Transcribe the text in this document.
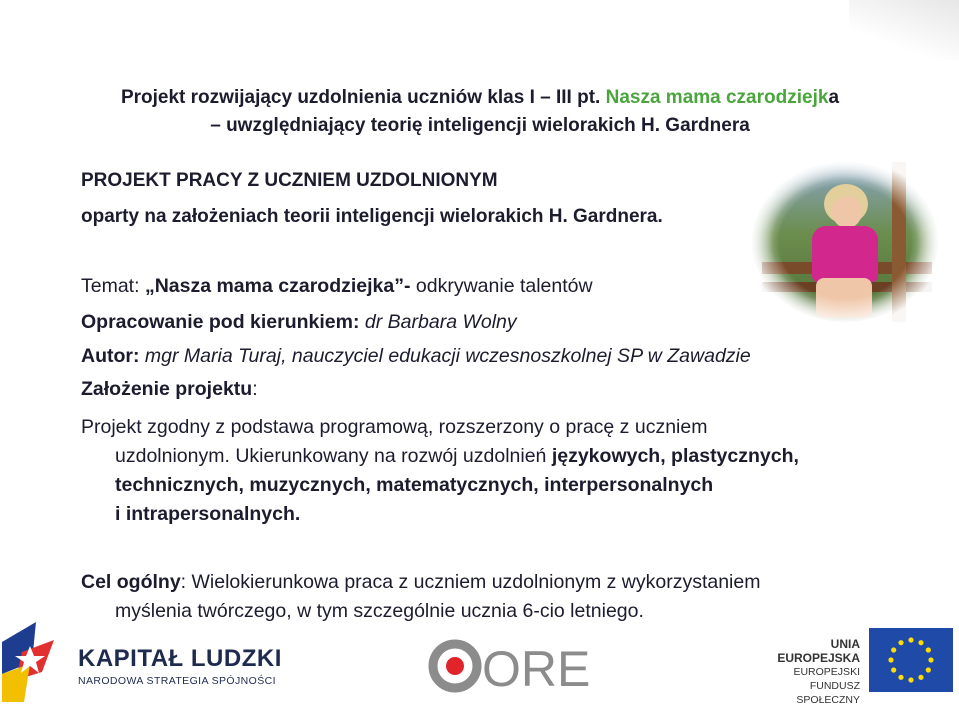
Projekt rozwijający uzdolnienia uczniów klas I – III pt. Nasza mama czarodziejka
– uwzględniający teorię inteligencji wielorakich H. Gardnera
PROJEKT PRACY Z UCZNIEM UZDOLNIONYM
oparty na założeniach teorii inteligencji wielorakich H. Gardnera.
Temat: „Nasza mama czarodziejka”- odkrywanie talentów
Opracowanie pod kierunkiem: dr Barbara Wolny
Autor: mgr Maria Turaj, nauczyciel edukacji wczesnoszkolnej SP w Zawadzie
Założenie projektu:
Projekt zgodny z podstawa programową, rozszerzony o pracę z uczniem
uzdolnionym. Ukierunkowany na rozwój uzdolnień językowych, plastycznych,
technicznych, muzycznych, matematycznych, interpersonalnych
i intrapersonalnych.
Cel ogólny: Wielokierunkowa praca z uczniem uzdolnionym z wykorzystaniem
myślenia twórczego, w tym szczególnie ucznia 6-cio letniego.
KAPITAŁ LUDZKI
NARODOWA STRATEGIA SPÓJNOŚCI	ORE	UNIA EUROPEJSKA
EUROPEJSKI
FUNDUSZ SPOŁECZNY
